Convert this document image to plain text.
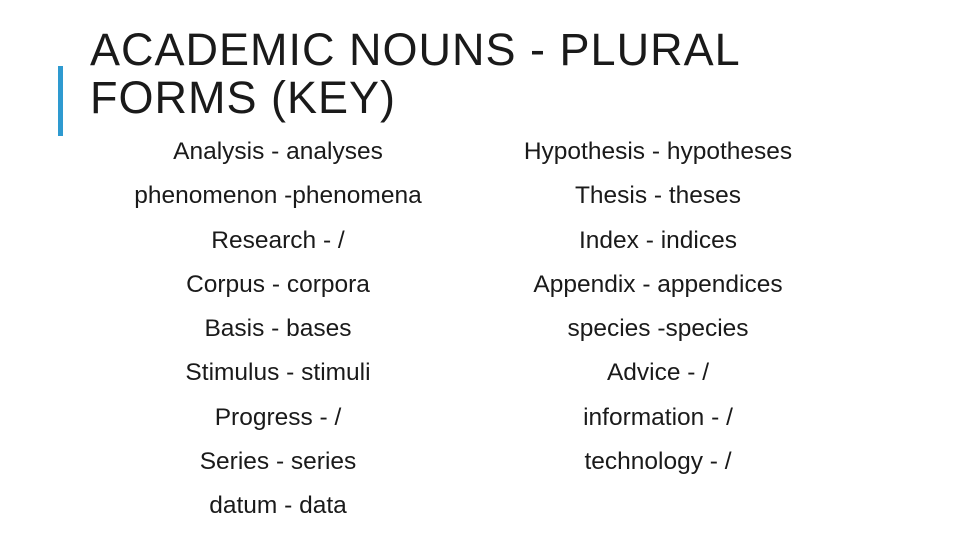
ACADEMIC NOUNS - PLURAL
FORMS (KEY)
Analysis - analyses
phenomenon -phenomena
Research - /
Corpus - corpora
Basis - bases
Stimulus - stimuli
Progress - /
Series - series
datum - data
Hypothesis - hypotheses
Thesis - theses
Index - indices
Appendix - appendices
species -species
Advice - /
information - /
technology - /
